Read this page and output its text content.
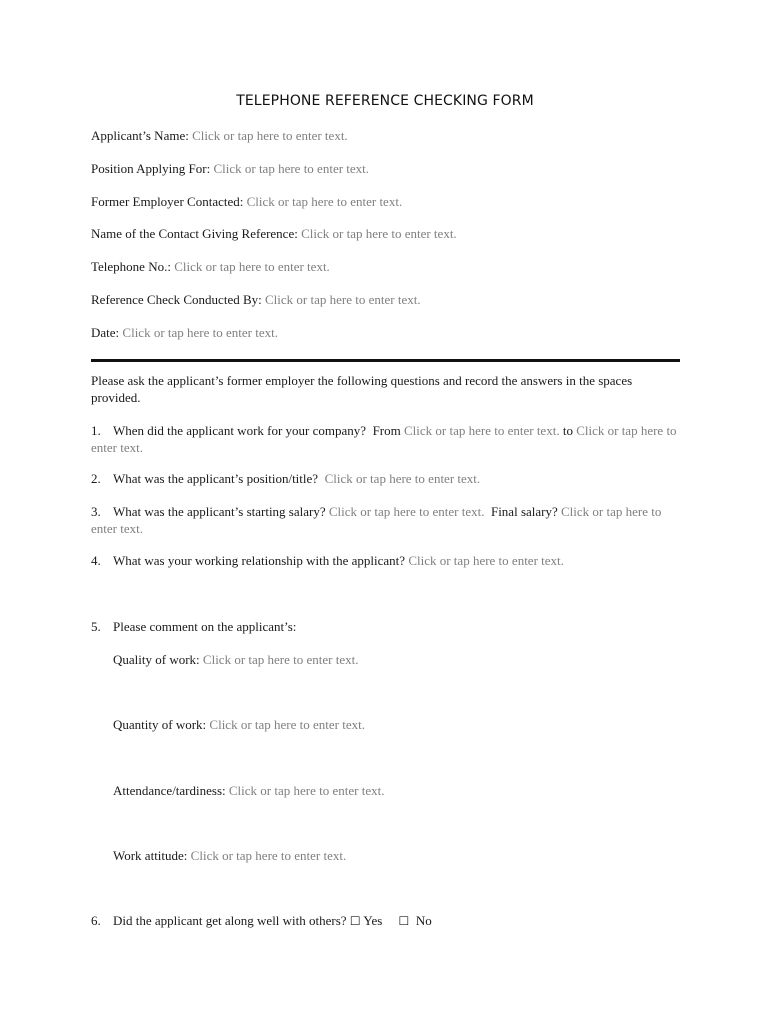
TELEPHONE REFERENCE CHECKING FORM
Applicant’s Name: Click or tap here to enter text.
Position Applying For: Click or tap here to enter text.
Former Employer Contacted: Click or tap here to enter text.
Name of the Contact Giving Reference: Click or tap here to enter text.
Telephone No.: Click or tap here to enter text.
Reference Check Conducted By: Click or tap here to enter text.
Date: Click or tap here to enter text.
Please ask the applicant’s former employer the following questions and record the answers in the spaces provided.
1. When did the applicant work for your company? From Click or tap here to enter text. to Click or tap here to enter text.
2. What was the applicant’s position/title? Click or tap here to enter text.
3. What was the applicant’s starting salary? Click or tap here to enter text. Final salary? Click or tap here to enter text.
4. What was your working relationship with the applicant? Click or tap here to enter text.
5. Please comment on the applicant’s:
Quality of work: Click or tap here to enter text.
Quantity of work: Click or tap here to enter text.
Attendance/tardiness: Click or tap here to enter text.
Work attitude: Click or tap here to enter text.
6. Did the applicant get along well with others? ☐ Yes ☐ No
